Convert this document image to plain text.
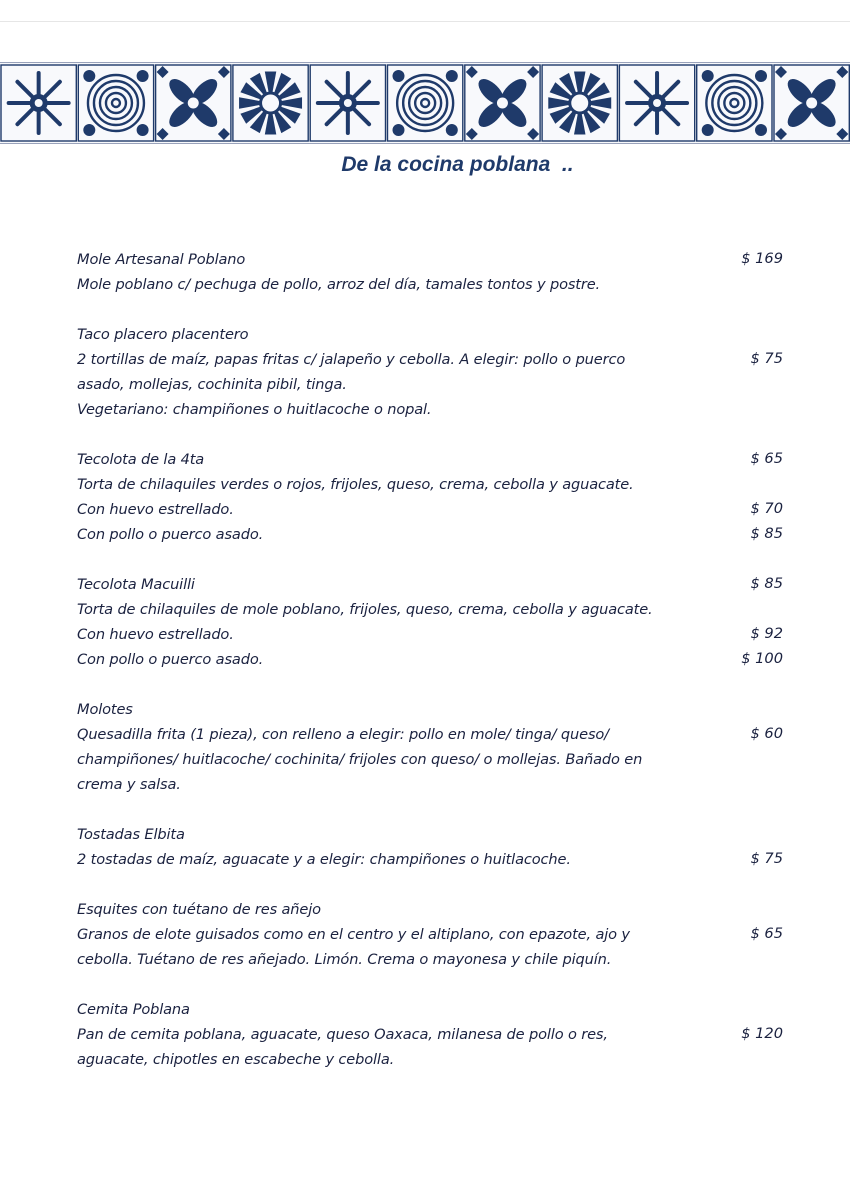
De la cocina poblana  ..
Mole Artesanal Poblano	$ 169
Mole poblano c/ pechuga de pollo, arroz del día, tamales tontos y postre.
Taco placero placentero
2 tortillas de maíz, papas fritas c/ jalapeño y cebolla. A elegir: pollo o puerco	$ 75
asado, mollejas, cochinita pibil, tinga.
Vegetariano: champiñones o huitlacoche o nopal.
Tecolota de la 4ta	$ 65
Torta de chilaquiles verdes o rojos, frijoles, queso, crema, cebolla y aguacate.
Con huevo estrellado.	$ 70
Con pollo o puerco asado.	$ 85
Tecolota Macuilli	$ 85
Torta de chilaquiles de mole poblano, frijoles, queso, crema, cebolla y aguacate.
Con huevo estrellado.	$ 92
Con pollo o puerco asado.	$ 100
Molotes
Quesadilla frita (1 pieza), con relleno a elegir: pollo en mole/ tinga/ queso/	$ 60
champiñones/ huitlacoche/ cochinita/ frijoles con queso/ o mollejas. Bañado en
crema y salsa.
Tostadas Elbita
2 tostadas de maíz, aguacate y a elegir: champiñones o huitlacoche.	$ 75
Esquites con tuétano de res añejo
Granos de elote guisados como en el centro y el altiplano, con epazote, ajo y	$ 65
cebolla. Tuétano de res añejado. Limón. Crema o mayonesa y chile piquín.
Cemita Poblana
Pan de cemita poblana, aguacate, queso Oaxaca, milanesa de pollo o res,	$ 120
aguacate, chipotles en escabeche y cebolla.
